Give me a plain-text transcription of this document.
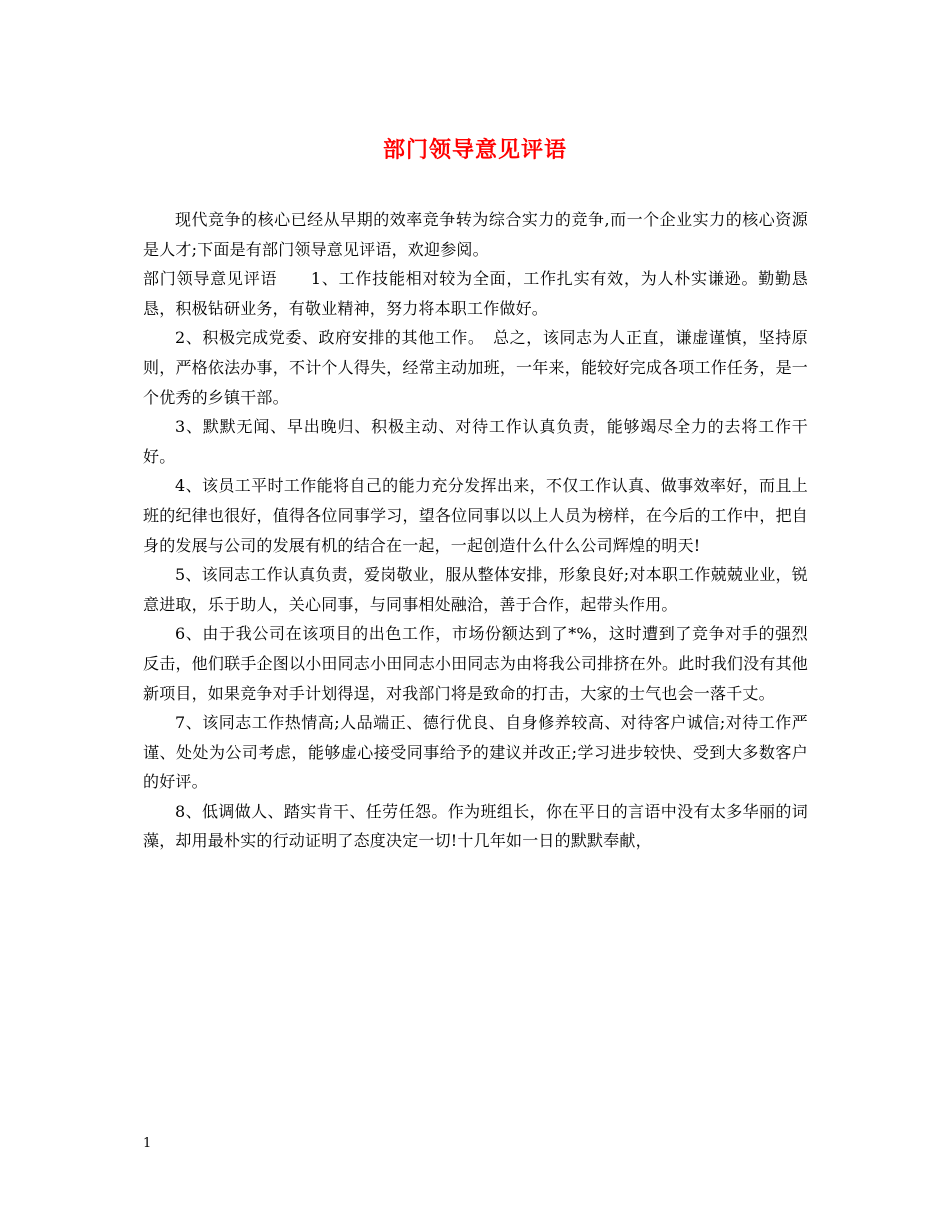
部门领导意见评语

现代竞争的核心已经从早期的效率竞争转为综合实力的竞争,而一个企业实力的核心资源是人才;下面是有部门领导意见评语，欢迎参阅。

部门领导意见评语　　1、工作技能相对较为全面，工作扎实有效，为人朴实谦逊。勤勤恳恳，积极钻研业务，有敬业精神，努力将本职工作做好。

2、积极完成党委、政府安排的其他工作。　总之，该同志为人正直，谦虚谨慎，坚持原则，严格依法办事，不计个人得失，经常主动加班，一年来，能较好完成各项工作任务，是一个优秀的乡镇干部。

3、默默无闻、早出晚归、积极主动、对待工作认真负责，能够竭尽全力的去将工作干好。

4、该员工平时工作能将自己的能力充分发挥出来，不仅工作认真、做事效率好，而且上班的纪律也很好，值得各位同事学习，望各位同事以以上人员为榜样，在今后的工作中，把自身的发展与公司的发展有机的结合在一起，一起创造什么什么公司辉煌的明天!

5、该同志工作认真负责，爱岗敬业，服从整体安排，形象良好;对本职工作兢兢业业，锐意进取，乐于助人，关心同事，与同事相处融洽，善于合作，起带头作用。

6、由于我公司在该项目的出色工作，市场份额达到了*%，这时遭到了竞争对手的强烈反击，他们联手企图以小田同志小田同志小田同志为由将我公司排挤在外。此时我们没有其他新项目，如果竞争对手计划得逞，对我部门将是致命的打击，大家的士气也会一落千丈。

7、该同志工作热情高;人品端正、德行优良、自身修养较高、对待客户诚信;对待工作严谨、处处为公司考虑，能够虚心接受同事给予的建议并改正;学习进步较快、受到大多数客户的好评。

8、低调做人、踏实肯干、任劳任怨。作为班组长，你在平日的言语中没有太多华丽的词藻，却用最朴实的行动证明了态度决定一切!十几年如一日的默默奉献，

1
